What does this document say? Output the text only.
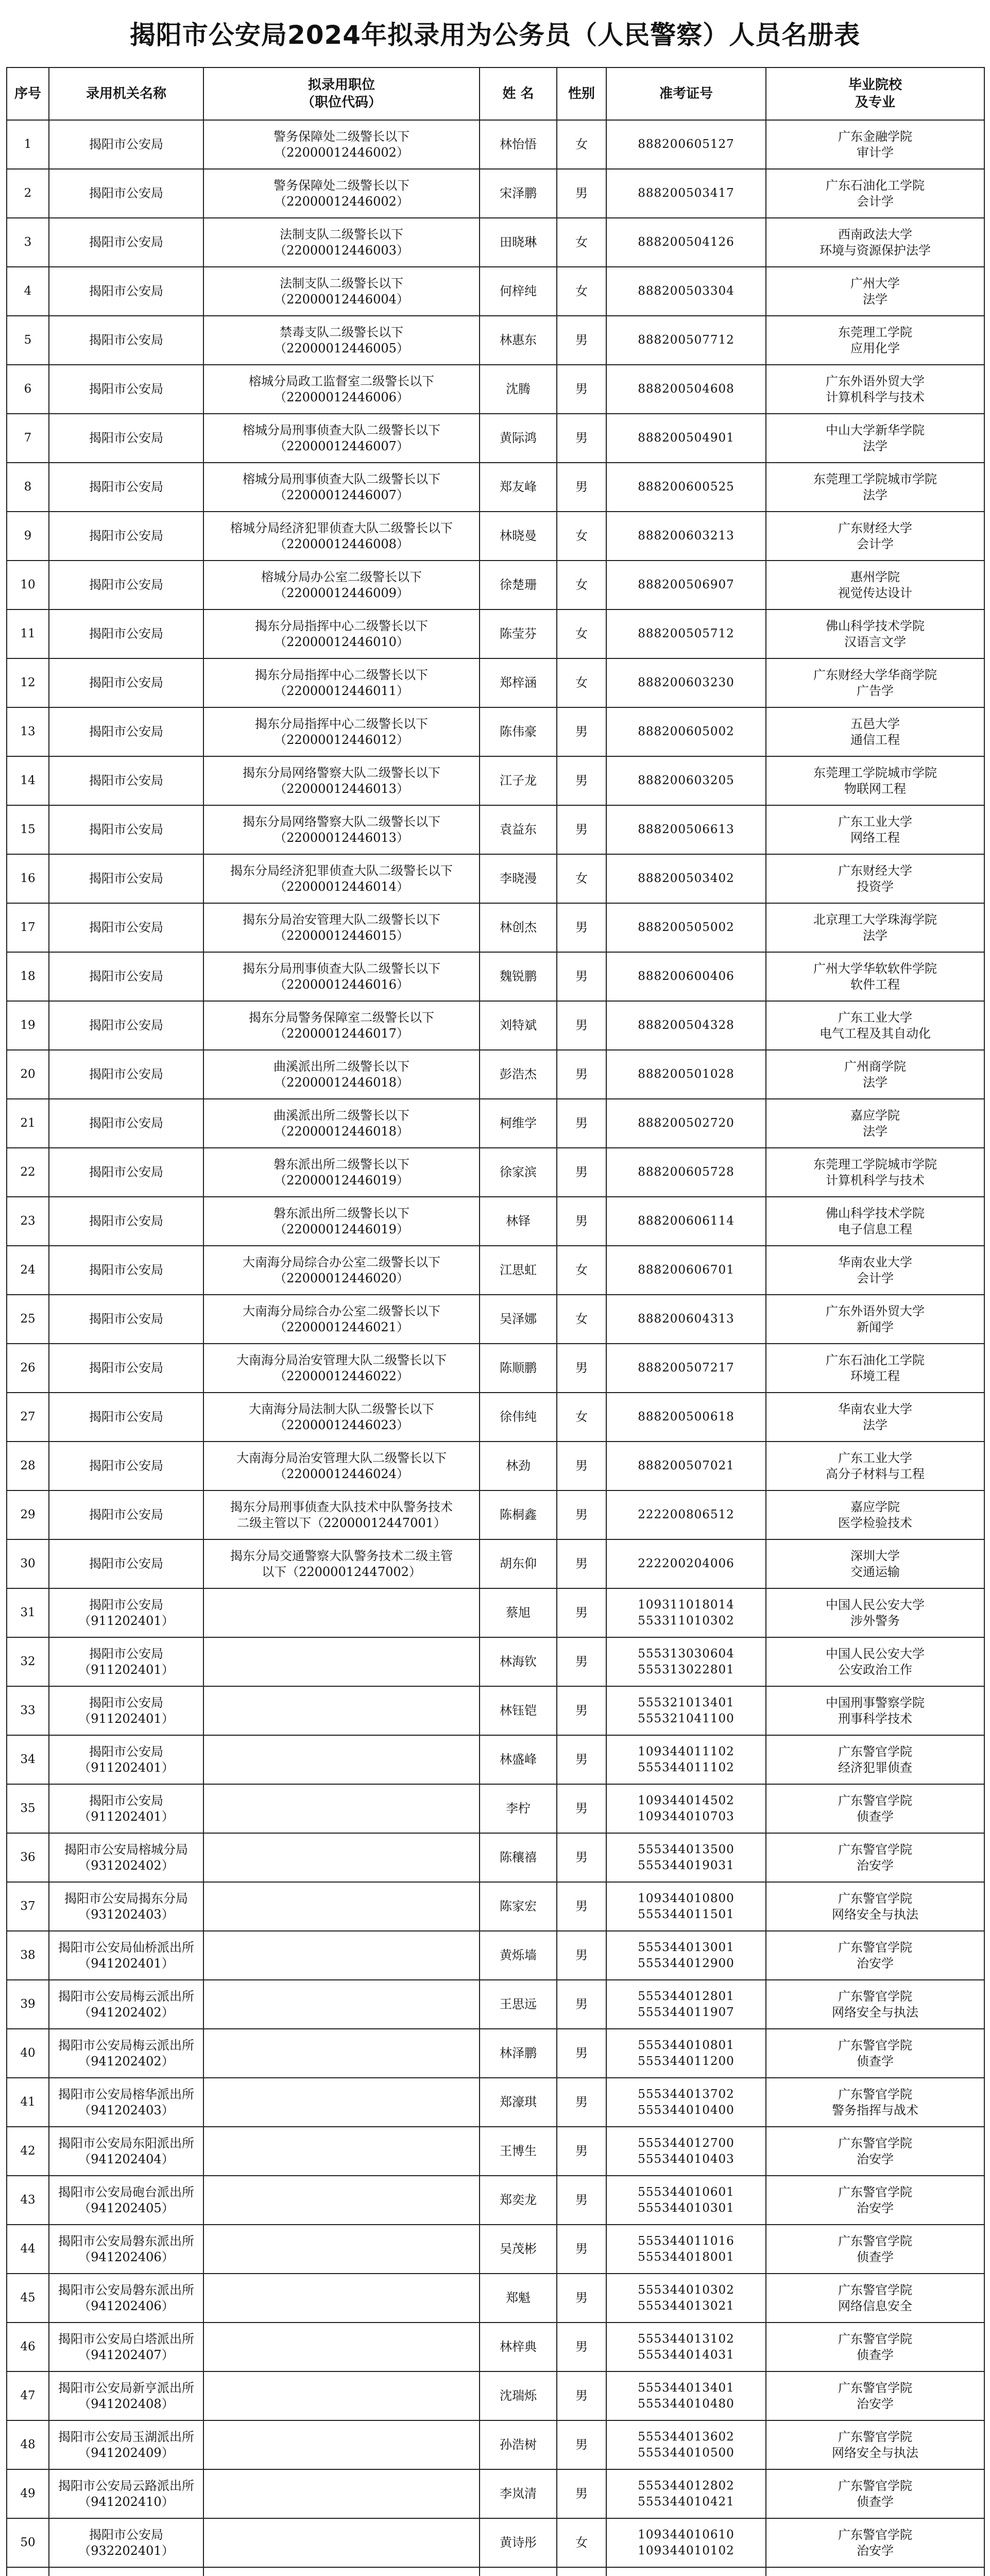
揭阳市公安局2024年拟录用为公务员（人民警察）人员名册表
序号	录用机关名称	拟录用职位
（职位代码）	姓 名	性别	准考证号	毕业院校
及专业
1	揭阳市公安局	警务保障处二级警长以下
（22000012446002）	林怡悟	女	888200605127	广东金融学院
审计学
2	揭阳市公安局	警务保障处二级警长以下
（22000012446002）	宋泽鹏	男	888200503417	广东石油化工学院
会计学
3	揭阳市公安局	法制支队二级警长以下
（22000012446003）	田晓琳	女	888200504126	西南政法大学
环境与资源保护法学
4	揭阳市公安局	法制支队二级警长以下
（22000012446004）	何梓纯	女	888200503304	广州大学
法学
5	揭阳市公安局	禁毒支队二级警长以下
（22000012446005）	林惠东	男	888200507712	东莞理工学院
应用化学
6	揭阳市公安局	榕城分局政工监督室二级警长以下
（22000012446006）	沈腾	男	888200504608	广东外语外贸大学
计算机科学与技术
7	揭阳市公安局	榕城分局刑事侦查大队二级警长以下
（22000012446007）	黄际鸿	男	888200504901	中山大学新华学院
法学
8	揭阳市公安局	榕城分局刑事侦查大队二级警长以下
（22000012446007）	郑友峰	男	888200600525	东莞理工学院城市学院
法学
9	揭阳市公安局	榕城分局经济犯罪侦查大队二级警长以下
（22000012446008）	林晓曼	女	888200603213	广东财经大学
会计学
10	揭阳市公安局	榕城分局办公室二级警长以下
（22000012446009）	徐楚珊	女	888200506907	惠州学院
视觉传达设计
11	揭阳市公安局	揭东分局指挥中心二级警长以下
（22000012446010）	陈莹芬	女	888200505712	佛山科学技术学院
汉语言文学
12	揭阳市公安局	揭东分局指挥中心二级警长以下
（22000012446011）	郑梓涵	女	888200603230	广东财经大学华商学院
广告学
13	揭阳市公安局	揭东分局指挥中心二级警长以下
（22000012446012）	陈伟豪	男	888200605002	五邑大学
通信工程
14	揭阳市公安局	揭东分局网络警察大队二级警长以下
（22000012446013）	江子龙	男	888200603205	东莞理工学院城市学院
物联网工程
15	揭阳市公安局	揭东分局网络警察大队二级警长以下
（22000012446013）	袁益东	男	888200506613	广东工业大学
网络工程
16	揭阳市公安局	揭东分局经济犯罪侦查大队二级警长以下
（22000012446014）	李晓漫	女	888200503402	广东财经大学
投资学
17	揭阳市公安局	揭东分局治安管理大队二级警长以下
（22000012446015）	林创杰	男	888200505002	北京理工大学珠海学院
法学
18	揭阳市公安局	揭东分局刑事侦查大队二级警长以下
（22000012446016）	魏锐鹏	男	888200600406	广州大学华软软件学院
软件工程
19	揭阳市公安局	揭东分局警务保障室二级警长以下
（22000012446017）	刘特斌	男	888200504328	广东工业大学
电气工程及其自动化
20	揭阳市公安局	曲溪派出所二级警长以下
（22000012446018）	彭浩杰	男	888200501028	广州商学院
法学
21	揭阳市公安局	曲溪派出所二级警长以下
（22000012446018）	柯维学	男	888200502720	嘉应学院
法学
22	揭阳市公安局	磐东派出所二级警长以下
（22000012446019）	徐家滨	男	888200605728	东莞理工学院城市学院
计算机科学与技术
23	揭阳市公安局	磐东派出所二级警长以下
（22000012446019）	林铎	男	888200606114	佛山科学技术学院
电子信息工程
24	揭阳市公安局	大南海分局综合办公室二级警长以下
（22000012446020）	江思虹	女	888200606701	华南农业大学
会计学
25	揭阳市公安局	大南海分局综合办公室二级警长以下
（22000012446021）	吴泽娜	女	888200604313	广东外语外贸大学
新闻学
26	揭阳市公安局	大南海分局治安管理大队二级警长以下
（22000012446022）	陈顺鹏	男	888200507217	广东石油化工学院
环境工程
27	揭阳市公安局	大南海分局法制大队二级警长以下
（22000012446023）	徐伟纯	女	888200500618	华南农业大学
法学
28	揭阳市公安局	大南海分局治安管理大队二级警长以下
（22000012446024）	林劲	男	888200507021	广东工业大学
高分子材料与工程
29	揭阳市公安局	揭东分局刑事侦查大队技术中队警务技术
二级主管以下（22000012447001）	陈桐鑫	男	222200806512	嘉应学院
医学检验技术
30	揭阳市公安局	揭东分局交通警察大队警务技术二级主管
以下（22000012447002）	胡东仰	男	222200204006	深圳大学
交通运输
31	揭阳市公安局
（911202401）		蔡旭	男	109311018014 553311010302	中国人民公安大学
涉外警务
32	揭阳市公安局
（911202401）		林海钦	男	555313030604 555313022801	中国人民公安大学
公安政治工作
33	揭阳市公安局
（911202401）		林钰铠	男	555321013401 555321041100	中国刑事警察学院
刑事科学技术
34	揭阳市公安局
（911202401）		林盛峰	男	109344011102 555344011102	广东警官学院
经济犯罪侦查
35	揭阳市公安局
（911202401）		李柠	男	109344014502 109344010703	广东警官学院
侦查学
36	揭阳市公安局榕城分局
（931202402）		陈穰禧	男	555344013500 555344019031	广东警官学院
治安学
37	揭阳市公安局揭东分局
（931202403）		陈家宏	男	109344010800 555344011501	广东警官学院
网络安全与执法
38	揭阳市公安局仙桥派出所
（941202401）		黄烁墙	男	555344013001 555344012900	广东警官学院
治安学
39	揭阳市公安局梅云派出所
（941202402）		王思远	男	555344012801 555344011907	广东警官学院
网络安全与执法
40	揭阳市公安局梅云派出所
（941202402）		林泽鹏	男	555344010801 555344011200	广东警官学院
侦查学
41	揭阳市公安局榕华派出所
（941202403）		郑濠琪	男	555344013702 555344010400	广东警官学院
警务指挥与战术
42	揭阳市公安局东阳派出所
（941202404）		王博生	男	555344012700 555344010403	广东警官学院
治安学
43	揭阳市公安局砲台派出所
（941202405）		郑奕龙	男	555344010601 555344010301	广东警官学院
治安学
44	揭阳市公安局磐东派出所
（941202406）		吴茂彬	男	555344011016 555344018001	广东警官学院
侦查学
45	揭阳市公安局磐东派出所
（941202406）		郑魁	男	555344010302 555344013021	广东警官学院
网络信息安全
46	揭阳市公安局白塔派出所
（941202407）		林梓典	男	555344013102 555344014031	广东警官学院
侦查学
47	揭阳市公安局新亨派出所
（941202408）		沈瑞烁	男	555344013401 555344010480	广东警官学院
治安学
48	揭阳市公安局玉湖派出所
（941202409）		孙浩树	男	555344013602 555344010500	广东警官学院
网络安全与执法
49	揭阳市公安局云路派出所
（941202410）		李岚清	男	555344012802 555344010421	广东警官学院
侦查学
50	揭阳市公安局
（932202401）		黄诗彤	女	109344010610 109344010102	广东警官学院
治安学
